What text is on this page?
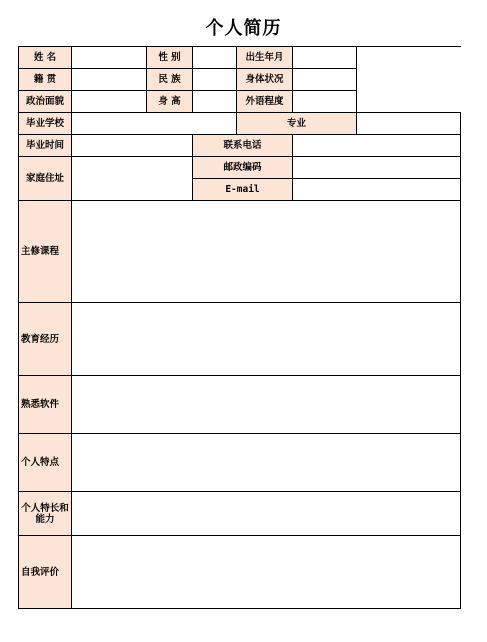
个人简历
姓 名		性 别		出生年月		
籍 贯		民 族		身体状况		
政治面貌		身 高		外语程度		
毕业学校				专业		
毕业时间			联系电话			
家庭住址			邮政编码			
			E-mail			
主修课程						
教育经历						
熟悉软件						
个人特点						
个人特长和能力						
自我评价						
